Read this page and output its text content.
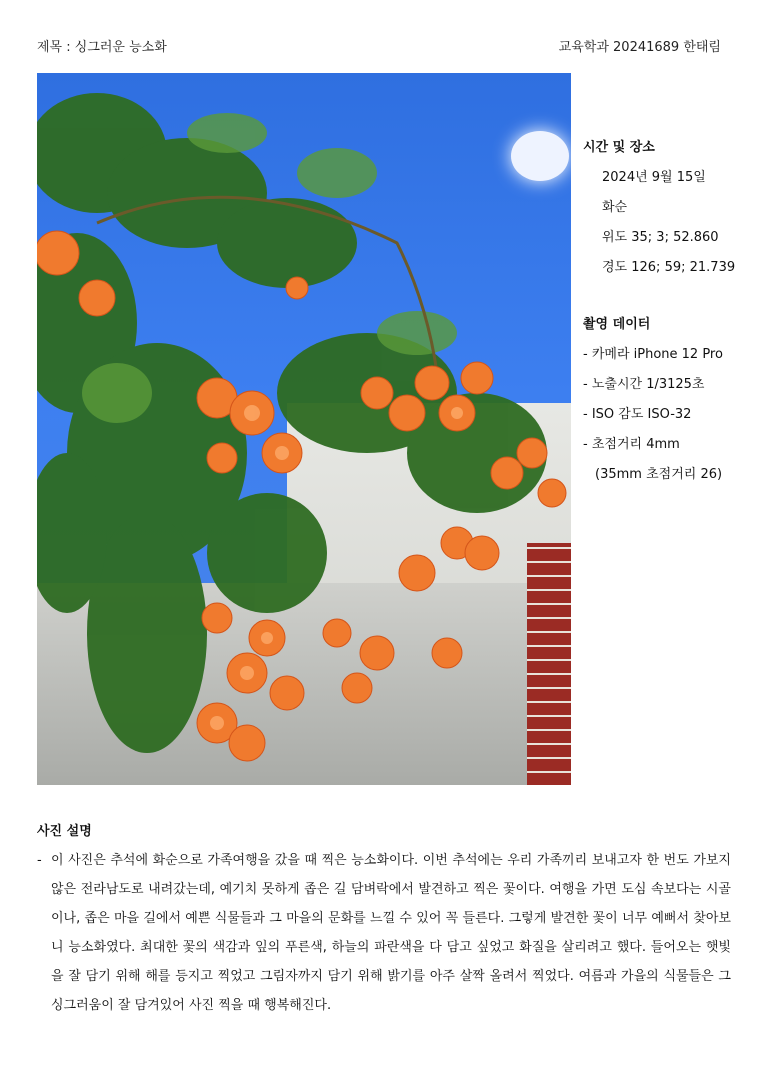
제목 : 싱그러운 능소화	교육학과 20241689 한태림
시간 및 장소
2024년 9월 15일
화순
위도 35; 3; 52.860
경도 126; 59; 21.739
촬영 데이터
- 카메라 iPhone 12 Pro
- 노출시간 1/3125초
- ISO 감도 ISO-32
- 초점거리 4mm
(35mm 초점거리 26)
사진 설명
- 이 사진은 추석에 화순으로 가족여행을 갔을 때 찍은 능소화이다. 이번 추석에는 우리 가족끼리 보내고자 한 번도 가보지 않은 전라남도로 내려갔는데, 예기치 못하게 좁은 길 담벼락에서 발견하고 찍은 꽃이다. 여행을 가면 도심 속보다는 시골이나, 좁은 마을 길에서 예쁜 식물들과 그 마을의 문화를 느낄 수 있어 꼭 들른다. 그렇게 발견한 꽃이 너무 예뻐서 찾아보니 능소화였다. 최대한 꽃의 색감과 잎의 푸른색, 하늘의 파란색을 다 담고 싶었고 화질을 살리려고 했다. 들어오는 햇빛을 잘 담기 위해 해를 등지고 찍었고 그림자까지 담기 위해 밝기를 아주 살짝 올려서 찍었다. 여름과 가을의 식물들은 그 싱그러움이 잘 담겨있어 사진 찍을 때 행복해진다.
